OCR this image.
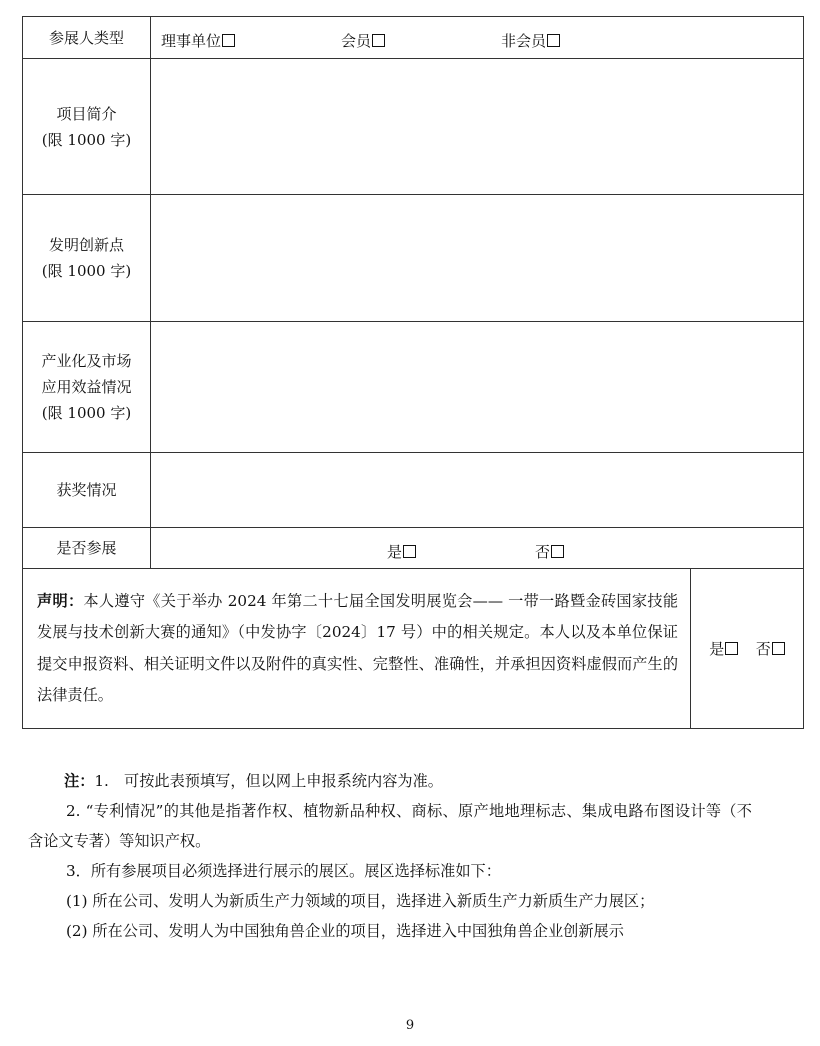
参展人类型	理事单位 会员 非会员	

项目简介
(限 1000 字)		

发明创新点
(限 1000 字)		

产业化及市场
应用效益情况
(限 1000 字)		

获奖情况		
是否参展	是 否	

声明：本人遵守《关于举办 2024 年第二十七届全国发明展览会—— 一带一路暨金砖国家技能发展与技术创新大赛的通知》（中发协字〔2024〕17 号）中的相关规定。本人以及本单位保证提交申报资料、相关证明文件以及附件的真实性、完整性、准确性，并承担因资料虚假而产生的法律责任。		是 否

注：1.　可按此表预填写，但以网上申报系统内容为准。

2. “专利情况”的其他是指著作权、植物新品种权、商标、原产地地理标志、集成电路布图设计等（不含论文专著）等知识产权。

3．所有参展项目必须选择进行展示的展区。展区选择标准如下：

(1) 所在公司、发明人为新质生产力领域的项目，选择进入新质生产力新质生产力展区；

(2) 所在公司、发明人为中国独角兽企业的项目，选择进入中国独角兽企业创新展示

9
